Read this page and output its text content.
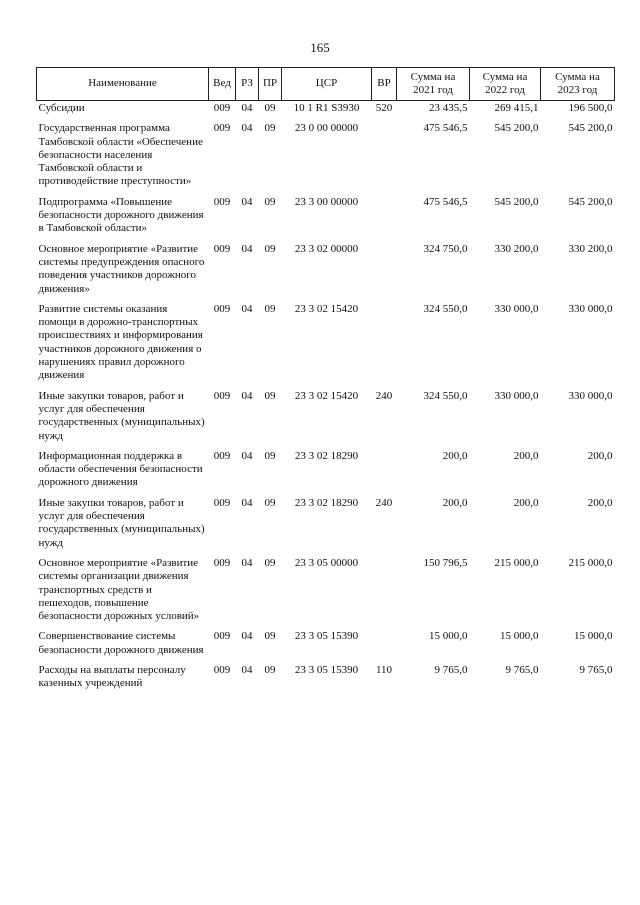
165
Наименование	Вед	РЗ	ПР	ЦСР	ВР	Сумма на 2021 год	Сумма на 2022 год	Сумма на 2023 год
Субсидии	009	04	09	10 1 R1 S3930	520	23 435,5	269 415,1	196 500,0
Государственная программа Тамбовской области «Обеспечение безопасности населения Тамбовской области и противодействие преступности»	009	04	09	23 0 00 00000		475 546,5	545 200,0	545 200,0
Подпрограмма «Повышение безопасности дорожного движения в Тамбовской области»	009	04	09	23 3 00 00000		475 546,5	545 200,0	545 200,0
Основное мероприятие «Развитие системы предупреждения опасного поведения участников дорожного движения»	009	04	09	23 3 02 00000		324 750,0	330 200,0	330 200,0
Развитие системы оказания помощи в дорожно-транспортных происшествиях и информирования участников дорожного движения о нарушениях правил дорожного движения	009	04	09	23 3 02 15420		324 550,0	330 000,0	330 000,0
Иные закупки товаров, работ и услуг для обеспечения государственных (муниципальных) нужд	009	04	09	23 3 02 15420	240	324 550,0	330 000,0	330 000,0
Информационная поддержка в области обеспечения безопасности дорожного движения	009	04	09	23 3 02 18290		200,0	200,0	200,0
Иные закупки товаров, работ и услуг для обеспечения государственных (муниципальных) нужд	009	04	09	23 3 02 18290	240	200,0	200,0	200,0
Основное мероприятие «Развитие системы организации движения транспортных средств и пешеходов, повышение безопасности дорожных условий»	009	04	09	23 3 05 00000		150 796,5	215 000,0	215 000,0
Совершенствование системы безопасности дорожного движения	009	04	09	23 3 05 15390		15 000,0	15 000,0	15 000,0
Расходы на выплаты персоналу казенных учреждений	009	04	09	23 3 05 15390	110	9 765,0	9 765,0	9 765,0
